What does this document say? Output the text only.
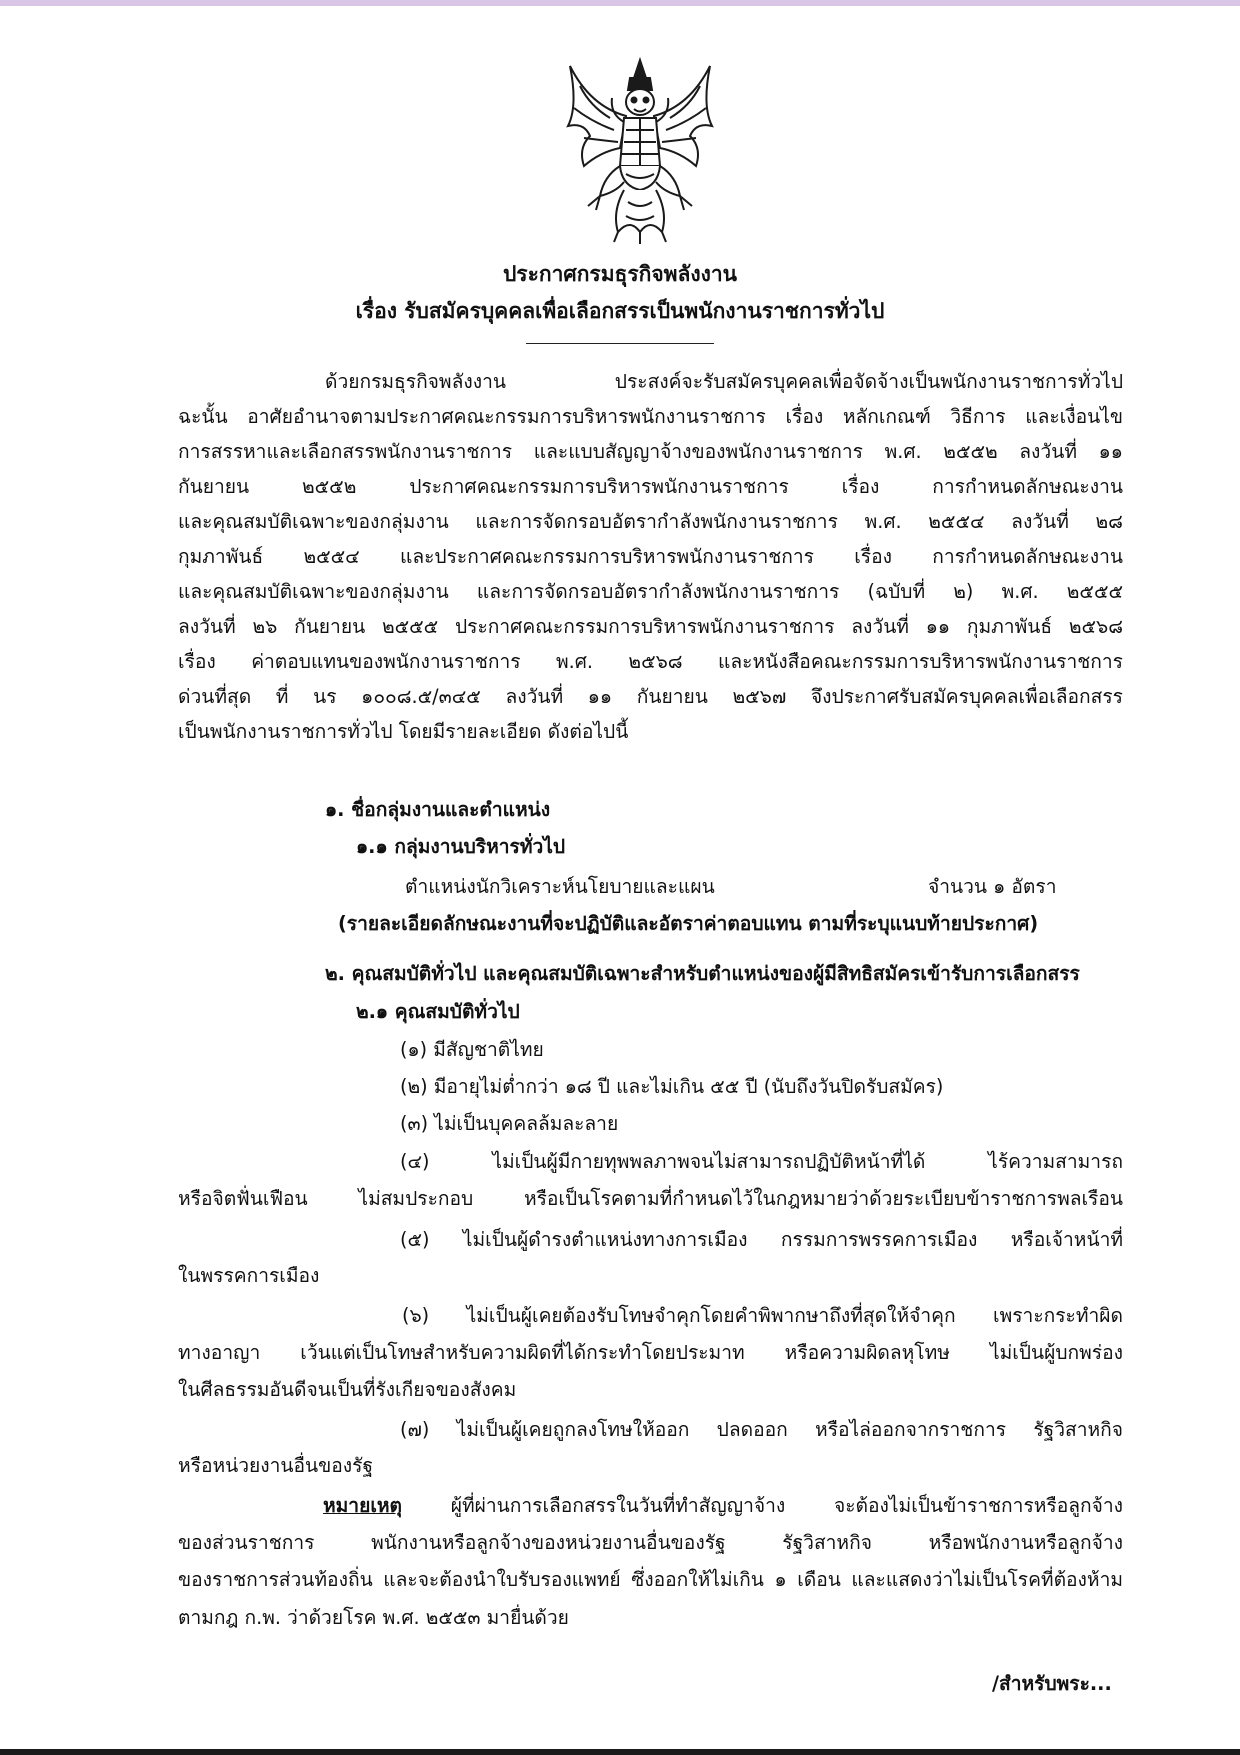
ประกาศกรมธุรกิจพลังงาน
เรื่อง รับสมัครบุคคลเพื่อเลือกสรรเป็นพนักงานราชการทั่วไป
ด้วยกรมธุรกิจพลังงาน ประสงค์จะรับสมัครบุคคลเพื่อจัดจ้างเป็นพนักงานราชการทั่วไป
ฉะนั้น อาศัยอำนาจตามประกาศคณะกรรมการบริหารพนักงานราชการ เรื่อง หลักเกณฑ์ วิธีการ และเงื่อนไข
การสรรหาและเลือกสรรพนักงานราชการ และแบบสัญญาจ้างของพนักงานราชการ พ.ศ. ๒๕๕๒ ลงวันที่ ๑๑
กันยายน ๒๕๕๒ ประกาศคณะกรรมการบริหารพนักงานราชการ เรื่อง การกำหนดลักษณะงาน
และคุณสมบัติเฉพาะของกลุ่มงาน และการจัดกรอบอัตรากำลังพนักงานราชการ พ.ศ. ๒๕๕๔ ลงวันที่ ๒๘
กุมภาพันธ์ ๒๕๕๔ และประกาศคณะกรรมการบริหารพนักงานราชการ เรื่อง การกำหนดลักษณะงาน
และคุณสมบัติเฉพาะของกลุ่มงาน และการจัดกรอบอัตรากำลังพนักงานราชการ (ฉบับที่ ๒) พ.ศ. ๒๕๕๕
ลงวันที่ ๒๖ กันยายน ๒๕๕๕ ประกาศคณะกรรมการบริหารพนักงานราชการ ลงวันที่ ๑๑ กุมภาพันธ์ ๒๕๖๘
เรื่อง ค่าตอบแทนของพนักงานราชการ พ.ศ. ๒๕๖๘ และหนังสือคณะกรรมการบริหารพนักงานราชการ
ด่วนที่สุด ที่ นร ๑๐๐๘.๕/๓๔๕ ลงวันที่ ๑๑ กันยายน ๒๕๖๗ จึงประกาศรับสมัครบุคคลเพื่อเลือกสรร
เป็นพนักงานราชการทั่วไป โดยมีรายละเอียด ดังต่อไปนี้
๑. ชื่อกลุ่มงานและตำแหน่ง
๑.๑ กลุ่มงานบริหารทั่วไป
ตำแหน่งนักวิเคราะห์นโยบายและแผน	จำนวน ๑ อัตรา
(รายละเอียดลักษณะงานที่จะปฏิบัติและอัตราค่าตอบแทน ตามที่ระบุแนบท้ายประกาศ)
๒. คุณสมบัติทั่วไป และคุณสมบัติเฉพาะสำหรับตำแหน่งของผู้มีสิทธิสมัครเข้ารับการเลือกสรร
๒.๑ คุณสมบัติทั่วไป
(๑) มีสัญชาติไทย
(๒) มีอายุไม่ต่ำกว่า ๑๘ ปี และไม่เกิน ๕๕ ปี (นับถึงวันปิดรับสมัคร)
(๓) ไม่เป็นบุคคลล้มละลาย
(๔) ไม่เป็นผู้มีกายทุพพลภาพจนไม่สามารถปฏิบัติหน้าที่ได้ ไร้ความสามารถ
หรือจิตฟั่นเฟือน ไม่สมประกอบ หรือเป็นโรคตามที่กำหนดไว้ในกฎหมายว่าด้วยระเบียบข้าราชการพลเรือน
(๕) ไม่เป็นผู้ดำรงตำแหน่งทางการเมือง กรรมการพรรคการเมือง หรือเจ้าหน้าที่
ในพรรคการเมือง
(๖) ไม่เป็นผู้เคยต้องรับโทษจำคุกโดยคำพิพากษาถึงที่สุดให้จำคุก เพราะกระทำผิด
ทางอาญา เว้นแต่เป็นโทษสำหรับความผิดที่ได้กระทำโดยประมาท หรือความผิดลหุโทษ ไม่เป็นผู้บกพร่อง
ในศีลธรรมอันดีจนเป็นที่รังเกียจของสังคม
(๗) ไม่เป็นผู้เคยถูกลงโทษให้ออก ปลดออก หรือไล่ออกจากราชการ รัฐวิสาหกิจ
หรือหน่วยงานอื่นของรัฐ
หมายเหตุ	ผู้ที่ผ่านการเลือกสรรในวันที่ทำสัญญาจ้าง จะต้องไม่เป็นข้าราชการหรือลูกจ้าง
ของส่วนราชการ พนักงานหรือลูกจ้างของหน่วยงานอื่นของรัฐ รัฐวิสาหกิจ หรือพนักงานหรือลูกจ้าง
ของราชการส่วนท้องถิ่น และจะต้องนำใบรับรองแพทย์ ซึ่งออกให้ไม่เกิน ๑ เดือน และแสดงว่าไม่เป็นโรคที่ต้องห้าม
ตามกฎ ก.พ. ว่าด้วยโรค พ.ศ. ๒๕๕๓ มายื่นด้วย
/สำหรับพระ...
